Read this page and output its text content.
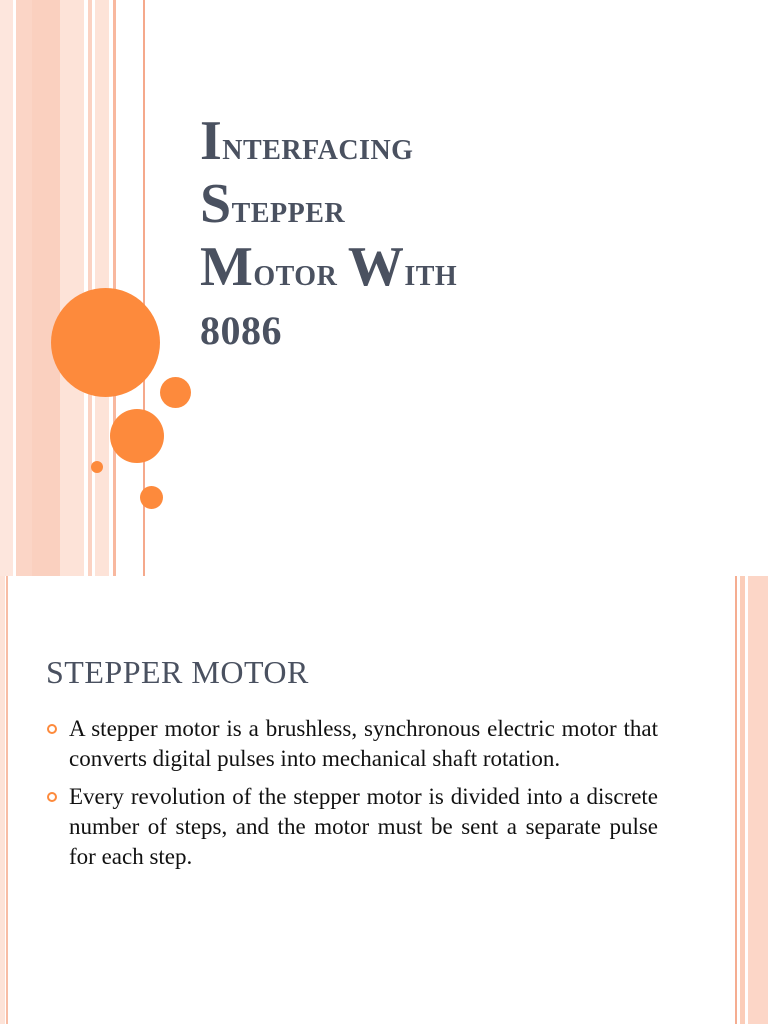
Interfacing
Stepper
Motor With
8086
STEPPER MOTOR
A stepper motor is a brushless, synchronous electric motor that converts digital pulses into mechanical shaft rotation.
Every revolution of the stepper motor is divided into a discrete number of steps, and the motor must be sent a separate pulse for each step.
